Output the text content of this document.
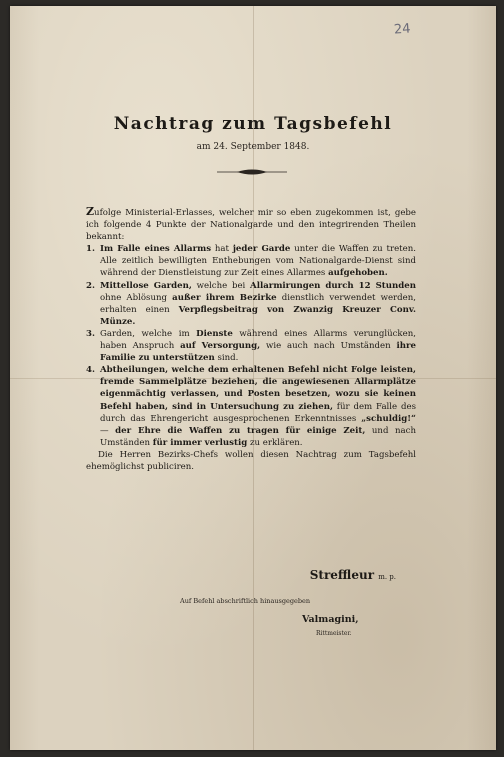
24
Nachtrag zum Tagsbefehl
am 24. September 1848.

Zufolge Ministerial-Erlasses, welcher mir so eben zugekommen ist, gebe ich folgende 4 Punkte der Nationalgarde und den integrirenden Theilen bekannt:

1. Im Falle eines Allarms hat jeder Garde unter die Waffen zu treten. Alle zeitlich bewilligten Enthebungen vom Nationalgarde-Dienst sind während der Dienstleistung zur Zeit eines Allarmes aufgehoben.
2. Mittellose Garden, welche bei Allarmirungen durch 12 Stunden ohne Ablösung außer ihrem Bezirke dienstlich verwendet werden, erhalten einen Verpflegsbeitrag von Zwanzig Kreuzer Conv. Münze.
3. Garden, welche im Dienste während eines Allarms verunglücken, haben Anspruch auf Versorgung, wie auch nach Umständen ihre Familie zu unterstützen sind.
4. Abtheilungen, welche dem erhaltenen Befehl nicht Folge leisten, fremde Sammelplätze beziehen, die angewiesenen Allarmplätze eigenmächtig verlassen, und Posten besetzen, wozu sie keinen Befehl haben, sind in Untersuchung zu ziehen, für dem Falle des durch das Ehrengericht ausgesprochenen Erkenntnisses „schuldig!“ — der Ehre die Waffen zu tragen für einige Zeit, und nach Umständen für immer verlustig zu erklären.

Die Herren Bezirks-Chefs wollen diesen Nachtrag zum Tagsbefehl ehemöglichst publiciren.

Streffleur m. p.
Auf Befehl abschriftlich hinausgegeben
Valmagini,
Rittmeister.
